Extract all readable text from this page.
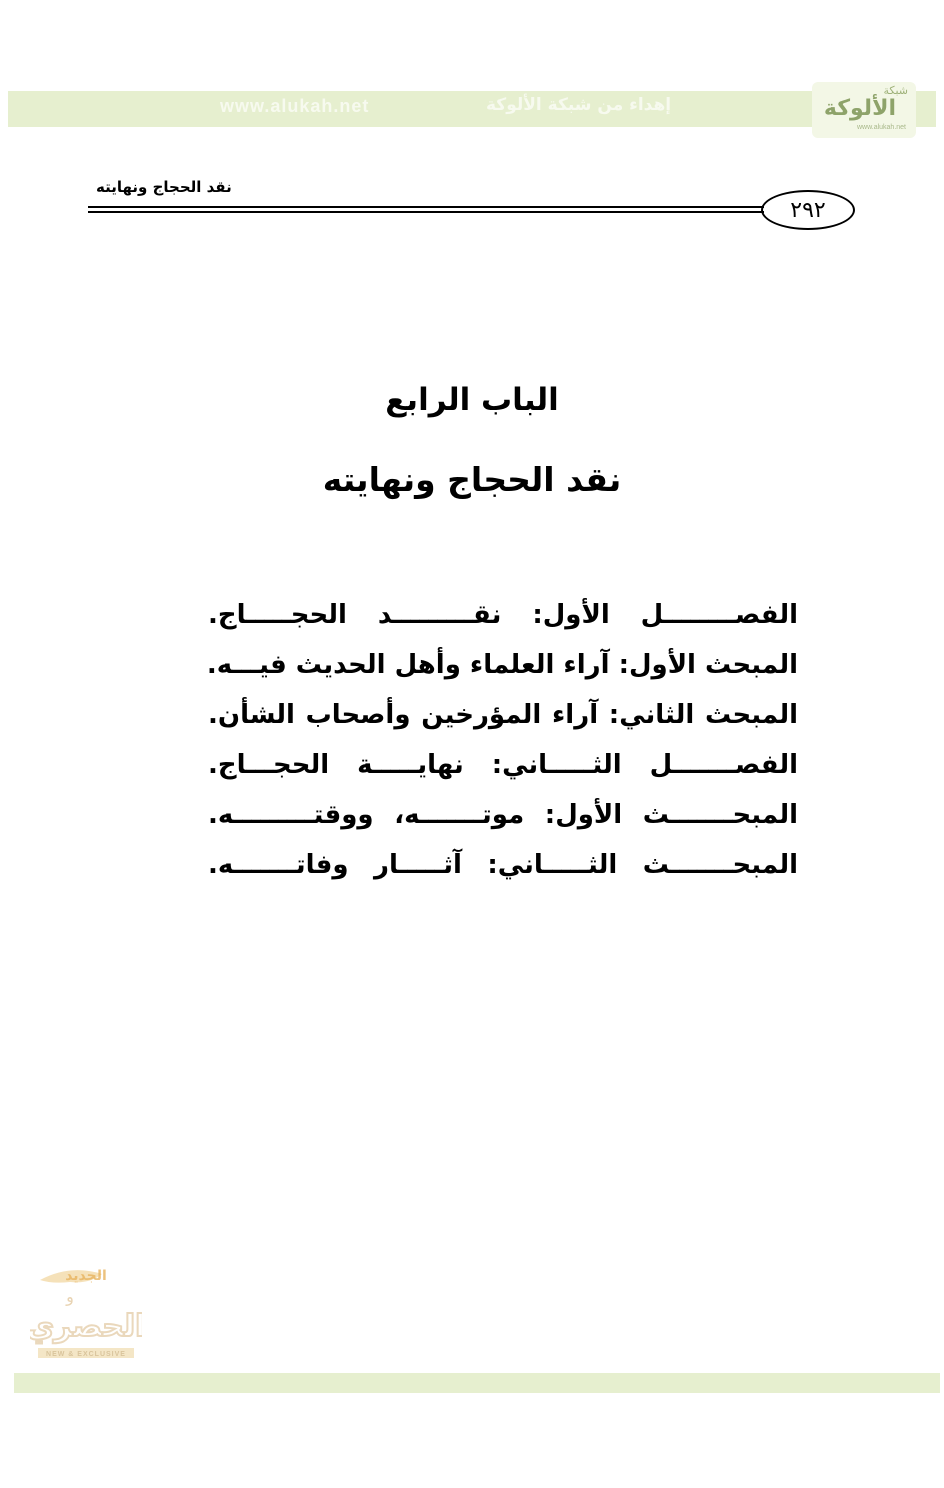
www.alukah.net	إهداء من شبكة الألوكة
شبكة
الألوكة
www.alukah.net
نقد الحجاج ونهايته
٢٩٢
الباب الرابع
نقد الحجاج ونهايته
الفصــــــــل الأول: نقـــــــــد الحجـــــاج.
المبحث الأول: آراء العلماء وأهل الحديث فيـــه.
المبحث الثاني: آراء المؤرخين وأصحاب الشأن.
الفصـــــــل الثـــــاني: نهايـــــة الحجـــاج.
المبحـــــــث الأول: موتـــــــه، ووقتـــــــــه.
المبحـــــــث الثـــــاني: آثـــــار وفاتـــــــه.
الجديد
و
الحصري
NEW & EXCLUSIVE
